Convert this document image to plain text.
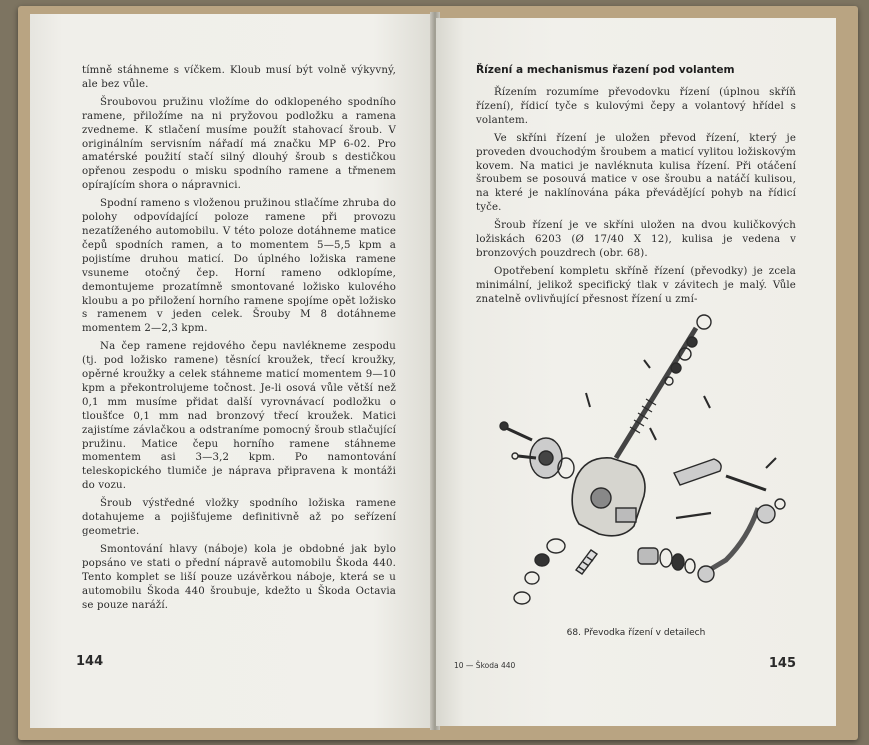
tímně stáhneme s víčkem. Kloub musí být volně výkyvný, ale bez vůle.

Šroubovou pružinu vložíme do odklopeného spodního ramene, přiložíme na ni pryžovou podložku a ramena zvedneme. K stlačení musíme použít stahovací šroub. V originálním servisním nářadí má značku MP 6-02. Pro amatérské použití stačí silný dlouhý šroub s destičkou opřenou zespodu o misku spodního ramene a třmenem opírajícím shora o nápravnici.

Spodní rameno s vloženou pružinou stlačíme zhruba do polohy odpovídající poloze ramene při provozu nezatíženého automobilu. V této poloze dotáhneme matice čepů spodních ramen, a to momentem 5—5,5 kpm a pojistíme druhou maticí. Do úplného ložiska ramene vsuneme otočný čep. Horní rameno odklopíme, demontujeme prozatímně smontované ložisko kulového kloubu a po přiložení horního ramene spojíme opět ložisko s ramenem v jeden celek. Šrouby M 8 dotáhneme momentem 2—2,3 kpm.

Na čep ramene rejdového čepu navlékneme zespodu (tj. pod ložisko ramene) těsnící kroužek, třecí kroužky, opěrné kroužky a celek stáhneme maticí momentem 9—10 kpm a překontrolujeme točnost. Je-li osová vůle větší než 0,1 mm musíme přidat další vyrovnávací podložku o tloušťce 0,1 mm nad bronzový třecí kroužek. Matici zajistíme závlačkou a odstraníme pomocný šroub stlačující pružinu. Matice čepu horního ramene stáhneme momentem asi 3—3,2 kpm. Po namontování teleskopického tlumiče je náprava připravena k montáži do vozu.

Šroub výstředné vložky spodního ložiska ramene dotahujeme a pojišťujeme definitivně až po seřízení geometrie.

Smontování hlavy (náboje) kola je obdobné jak bylo popsáno ve stati o přední nápravě automobilu Škoda 440. Tento komplet se liší pouze uzávěrkou náboje, která se u automobilu Škoda 440 šroubuje, kdežto u Škoda Octavia se pouze naráží.

144
Řízení a mechanismus řazení pod volantem

Řízením rozumíme převodovku řízení (úplnou skříň řízení), řídicí tyče s kulovými čepy a volantový hřídel s volantem.

Ve skříni řízení je uložen převod řízení, který je proveden dvouchodým šroubem a maticí vylitou ložiskovým kovem. Na matici je navléknuta kulisa řízení. Při otáčení šroubem se posouvá matice v ose šroubu a natáčí kulisou, na které je naklínována páka převádějící pohyb na řídicí tyče.

Šroub řízení je ve skříni uložen na dvou kuličkových ložiskách 6203 (Ø 17/40 X 12), kulisa je vedena v bronzových pouzdrech (obr. 68).

Opotřebení kompletu skříně řízení (převodky) je zcela minimální, jelikož specifický tlak v závitech je malý. Vůle znatelně ovlivňující přesnost řízení u zmí-

68. Převodka řízení v detailech
10 — Škoda 440	145
